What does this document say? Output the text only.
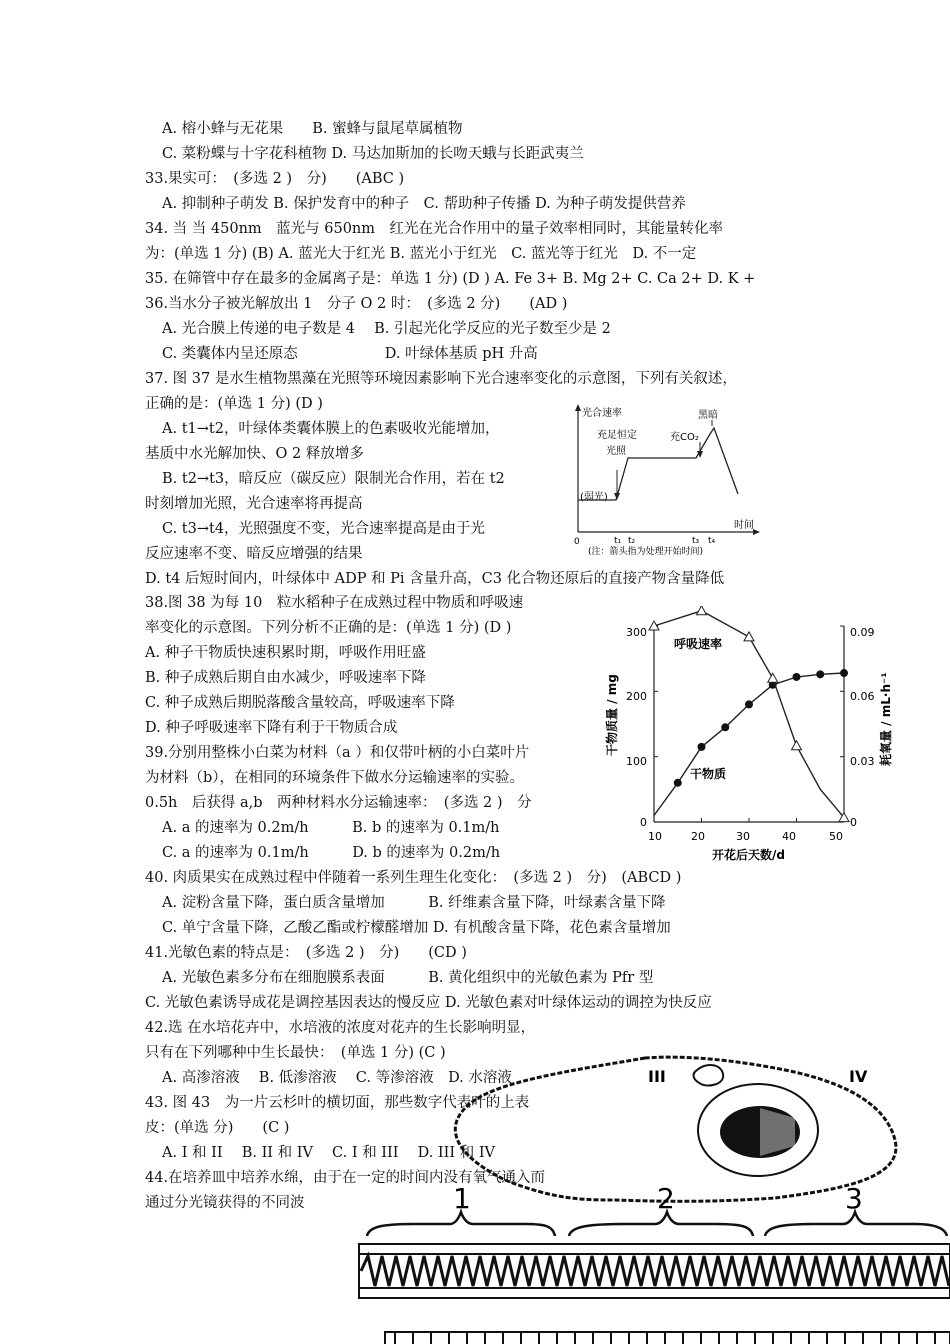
A. 榕小蜂与无花果　　B. 蜜蜂与鼠尾草属植物
C. 菜粉蝶与十字花科植物 D. 马达加斯加的长吻天蛾与长距武夷兰
33.果实可：　(多选 2 )　分)　　(ABC )
A. 抑制种子萌发 B. 保护发育中的种子　C. 帮助种子传播 D. 为种子萌发提供营养
34. 当 当 450nm　蓝光与 650nm　红光在光合作用中的量子效率相同时，其能量转化率
为：(单选 1 分) (B) A. 蓝光大于红光 B. 蓝光小于红光　C. 蓝光等于红光　D. 不一定
35. 在筛管中存在最多的金属离子是：单选 1 分) (D ) A. Fe 3+ B. Mg 2+ C. Ca 2+ D. K +
36.当水分子被光解放出 1　分子 O 2 时：　(多选 2 分)　　(AD )
A. 光合膜上传递的电子数是 4　 B. 引起光化学反应的光子数至少是 2
C. 类囊体内呈还原态　　　　　　D. 叶绿体基质 pH 升高
37. 图 37 是水生植物黑藻在光照等环境因素影响下光合速率变化的示意图，下列有关叙述，
正确的是：(单选 1 分) (D )
A. t1→t2，叶绿体类囊体膜上的色素吸收光能增加，
基质中水光解加快、O 2 释放增多
B. t2→t3，暗反应（碳反应）限制光合作用，若在 t2
时刻增加光照，光合速率将再提高
C. t3→t4，光照强度不变，光合速率提高是由于光
反应速率不变、暗反应增强的结果
D. t4 后短时间内，叶绿体中 ADP 和 Pi 含量升高，C3 化合物还原后的直接产物含量降低
38.图 38 为每 10　粒水稻种子在成熟过程中物质和呼吸速
率变化的示意图。下列分析不正确的是：(单选 1 分) (D )
A. 种子干物质快速积累时期，呼吸作用旺盛
B. 种子成熟后期自由水减少，呼吸速率下降
C. 种子成熟后期脱落酸含量较高，呼吸速率下降
D. 种子呼吸速率下降有利于干物质合成
39.分别用整株小白菜为材料（a ）和仅带叶柄的小白菜叶片
为材料（b），在相同的环境条件下做水分运输速率的实验。
0.5h　后获得 a,b　两种材料水分运输速率：　(多选 2 )　分
A. a 的速率为 0.2m/h　　　B. b 的速率为 0.1m/h
C. a 的速率为 0.1m/h　　　D. b 的速率为 0.2m/h
40. 肉质果实在成熟过程中伴随着一系列生理生化变化：　(多选 2 )　分)　(ABCD )
A. 淀粉含量下降，蛋白质含量增加　　　B. 纤维素含量下降，叶绿素含量下降
C. 单宁含量下降，乙酸乙酯或柠檬醛增加 D. 有机酸含量下降，花色素含量增加
41.光敏色素的特点是：　(多选 2 )　分)　　(CD )
A. 光敏色素多分布在细胞膜系表面　　　B. 黄化组织中的光敏色素为 Pfr 型
C. 光敏色素诱导成花是调控基因表达的慢反应 D. 光敏色素对叶绿体运动的调控为快反应
42.选 在水培花卉中，水培液的浓度对花卉的生长影响明显，
只有在下列哪种中生长最快：　(单选 1 分) (C )
A. 高渗溶液　 B. 低渗溶液　 C. 等渗溶液　D. 水溶液
43. 图 43　为一片云杉叶的横切面，那些数字代表叶的上表
皮：(单选 分)　　(C )
A. I 和 II　 B. II 和 IV　 C. I 和 III　 D. III 和 IV
44.在培养皿中培养水绵，由于在一定的时间内没有氧气通入而
通过分光镜获得的不同波
光合速率
时间
0	t₁ t₂	t₃ t₄
充足恒定
光照
充CO₂
黑暗
(弱光)
(注：箭头指为处理开始时间)
干物质量 / mg	耗氧量 / mL·h⁻¹
开花后天数/d
呼吸速率
干物质
300
200
100
0
0.09
0.06
0.03
0
10	20	30	40	50
III	IV
1	2	3
